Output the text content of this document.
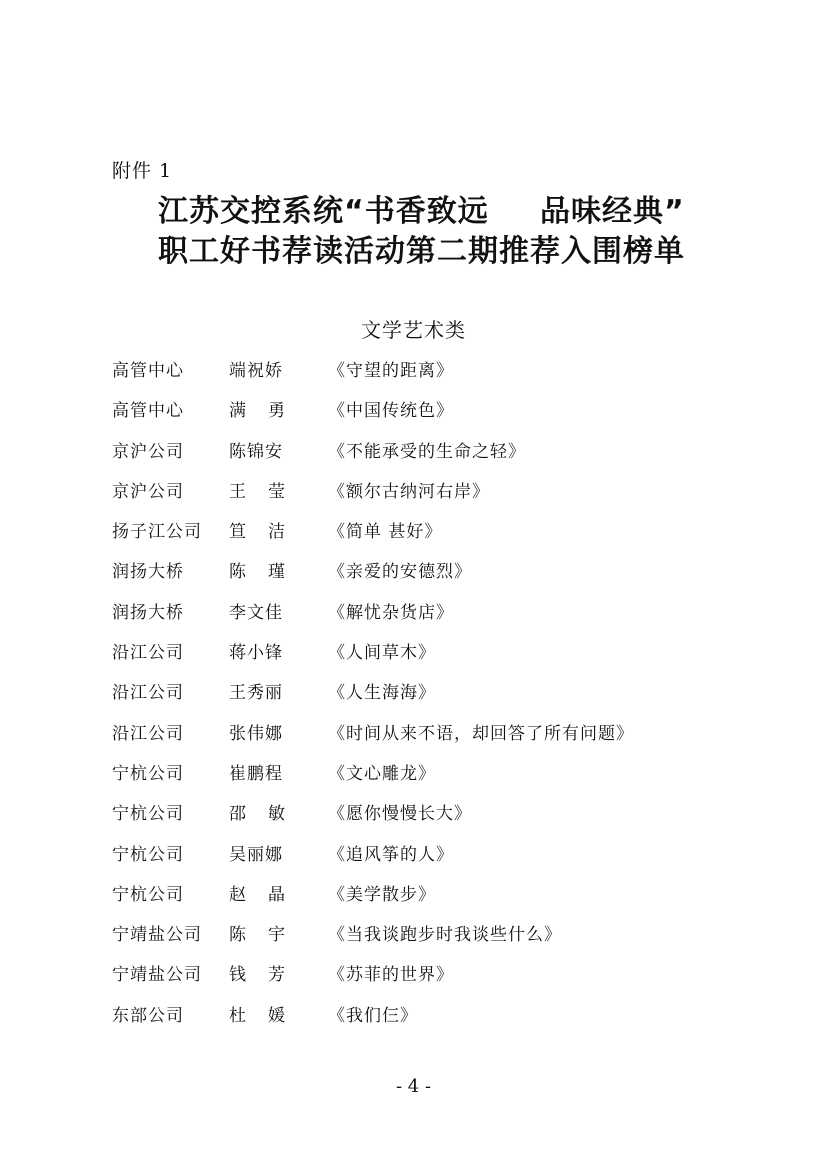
附件 1
江苏交控系统“书香致远 品味经典”
职工好书荐读活动第二期推荐入围榜单
文学艺术类
高管中心	端祝娇	《守望的距离》
高管中心	满勇 《中国传统色》
京沪公司	陈锦安	《不能承受的生命之轻》
京沪公司	王莹 《额尔古纳河右岸》
扬子江公司 笪洁 《简单 甚好》
润扬大桥	陈瑾 《亲爱的安德烈》
润扬大桥	李文佳	《解忧杂货店》
沿江公司	蒋小锋	《人间草木》
沿江公司	王秀丽	《人生海海》
沿江公司	张伟娜	《时间从来不语，却回答了所有问题》
宁杭公司	崔鹏程	《文心雕龙》
宁杭公司	邵敏 《愿你慢慢长大》
宁杭公司	吴丽娜	《追风筝的人》
宁杭公司	赵晶 《美学散步》
宁靖盐公司 陈宇 《当我谈跑步时我谈些什么》
宁靖盐公司 钱芳 《苏菲的世界》
东部公司	杜媛 《我们仨》
- 4 -
